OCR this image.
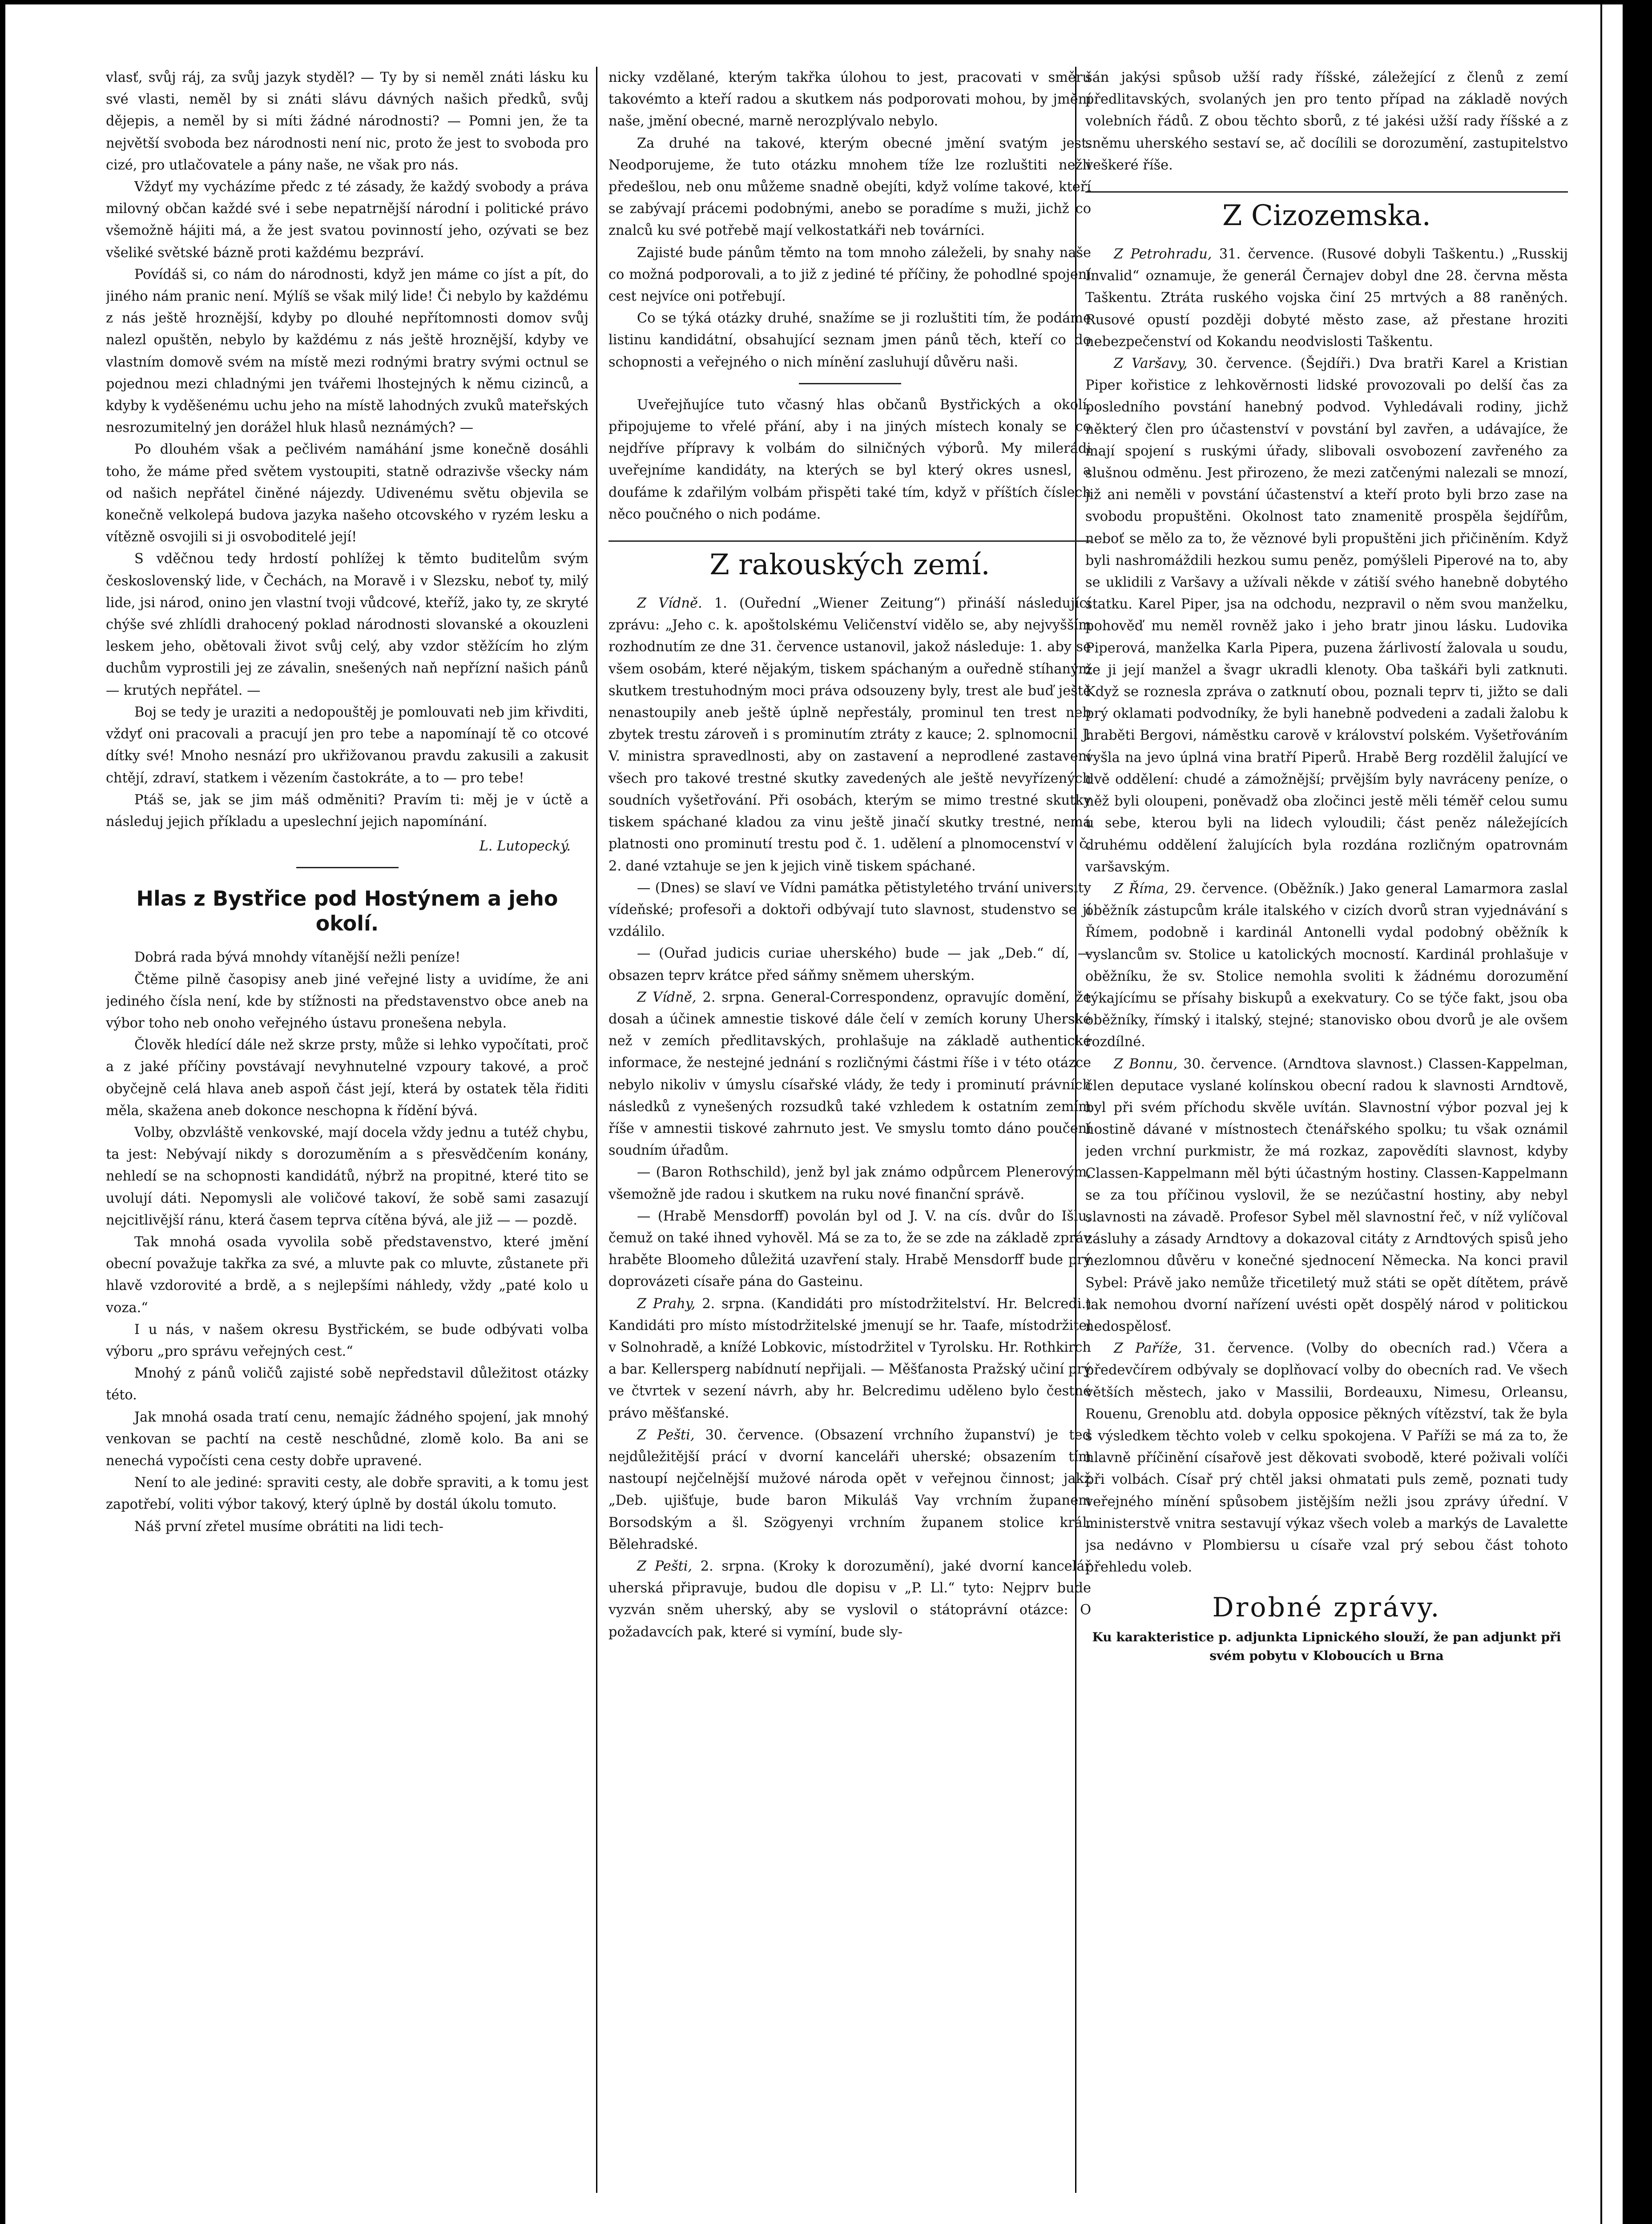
vlasť, svůj ráj, za svůj jazyk styděl? — Ty by si neměl znáti lásku ku své vlasti, neměl by si znáti slávu dávných našich předků, svůj dějepis, a neměl by si míti žádné národnosti? — Pomni jen, že ta největší svoboda bez národnosti není nic, proto že jest to svoboda pro cizé, pro utlačovatele a pány naše, ne však pro nás.

Vždyť my vycházíme předc z té zásady, že každý svobody a práva milovný občan každé své i sebe nepatrnější národní i politické právo všemožně hájiti má, a že jest svatou povinností jeho, ozývati se bez všeliké světské bázně proti každému bezpráví.

Povídáš si, co nám do národnosti, když jen máme co jíst a pít, do jiného nám pranic není. Mýlíš se však milý lide! Či nebylo by každému z nás ještě hroznější, kdyby po dlouhé nepřítomnosti domov svůj nalezl opuštěn, nebylo by každému z nás ještě hroznější, kdyby ve vlastním domově svém na místě mezi rodnými bratry svými octnul se pojednou mezi chladnými jen tvářemi lhostejných k němu cizinců, a kdyby k vyděšenému uchu jeho na místě lahodných zvuků mateřských nesrozumitelný jen dorážel hluk hlasů neznámých? —

Po dlouhém však a pečlivém namáhání jsme konečně dosáhli toho, že máme před světem vystoupiti, statně odrazivše všecky nám od našich nepřátel činěné nájezdy. Udivenému světu objevila se konečně velkolepá budova jazyka našeho otcovského v ryzém lesku a vítězně osvojili si ji osvoboditelé její!

S vděčnou tedy hrdostí pohlížej k těmto buditelům svým československý lide, v Čechách, na Moravě i v Slezsku, neboť ty, milý lide, jsi národ, onino jen vlastní tvoji vůdcové, kteříž, jako ty, ze skryté chýše své zhlídli drahocený poklad národnosti slovanské a okouzleni leskem jeho, obětovali život svůj celý, aby vzdor stěžícím ho zlým duchům vyprostili jej ze závalin, snešených naň nepřízní našich pánů — krutých nepřátel. —

Boj se tedy je uraziti a nedopouštěj je pomlouvati neb jim křivditi, vždyť oni pracovali a pracují jen pro tebe a napomínají tě co otcové dítky své! Mnoho nesnází pro ukřižovanou pravdu zakusili a zakusit chtějí, zdraví, statkem i vězením častokráte, a to — pro tebe!

Ptáš se, jak se jim máš odměniti? Pravím ti: měj je v úctě a následuj jejich příkladu a upeslechní jejich napomínání.

L. Lutopecký.
Hlas z Bystřice pod Hostýnem a jeho okolí.

Dobrá rada bývá mnohdy vítanější nežli peníze!

Čtěme pilně časopisy aneb jiné veřejné listy a uvidíme, že ani jediného čísla není, kde by stížnosti na představenstvo obce aneb na výbor toho neb onoho veřejného ústavu pronešena nebyla.

Člověk hledící dále než skrze prsty, může si lehko vypočítati, proč a z jaké příčiny povstávají nevyhnutelné vzpoury takové, a proč obyčejně celá hlava aneb aspoň část její, která by ostatek těla řiditi měla, skažena aneb dokonce neschopna k řídění bývá.

Volby, obzvláště venkovské, mají docela vždy jednu a tutéž chybu, ta jest: Nebývají nikdy s dorozuměním a s přesvědčením konány, nehledí se na schopnosti kandidátů, nýbrž na propitné, které tito se uvolují dáti. Nepomysli ale voličové takoví, že sobě sami zasazují nejcitlivější ránu, která časem teprva cítěna bývá, ale již — — pozdě.

Tak mnohá osada vyvolila sobě představenstvo, které jmění obecní považuje takřka za své, a mluvte pak co mluvte, zůstanete při hlavě vzdorovité a brdě, a s nejlepšími náhledy, vždy „paté kolo u voza.“

I u nás, v našem okresu Bystřickém, se bude odbývati volba výboru „pro správu veřejných cest.“

Mnohý z pánů voličů zajisté sobě nepředstavil důležitost otázky této.

Jak mnohá osada tratí cenu, nemajíc žádného spojení, jak mnohý venkovan se pachtí na cestě neschůdné, zlomě kolo. Ba ani se nenechá vypočísti cena cesty dobře upravené.

Není to ale jediné: spraviti cesty, ale dobře spraviti, a k tomu jest zapotřebí, voliti výbor takový, který úplně by dostál úkolu tomuto.

Náš první zřetel musíme obrátiti na lidi tech-

nicky vzdělané, kterým takřka úlohou to jest, pracovati v směru takovémto a kteří radou a skutkem nás podporovati mohou, by jmění naše, jmění obecné, marně nerozplývalo nebylo.

Za druhé na takové, kterým obecné jmění svatým jest. Neodporujeme, že tuto otázku mnohem tíže lze rozluštiti nežli předešlou, neb onu můžeme snadně obejíti, když volíme takové, kteří se zabývají prácemi podobnými, anebo se poradíme s muži, jichž co znalců ku své potřebě mají velkostatkáři neb továrníci.

Zajisté bude pánům těmto na tom mnoho záleželi, by snahy naše co možná podporovali, a to již z jediné té příčiny, že pohodlné spojení cest nejvíce oni potřebují.

Co se týká otázky druhé, snažíme se ji rozluštiti tím, že podáme listinu kandidátní, obsahující seznam jmen pánů těch, kteří co do schopnosti a veřejného o nich mínění zasluhují důvěru naši.

Uveřejňujíce tuto včasný hlas občanů Bystřických a okolí, připojujeme to vřelé přání, aby i na jiných místech konaly se co nejdříve přípravy k volbám do silničných výborů. My milerádi uveřejníme kandidáty, na kterých se byl který okres usnesl, a doufáme k zdařilým volbám přispěti také tím, když v příštích číslech něco poučného o nich podáme.

Z rakouských zemí.

Z Vídně. 1. (Ouřední „Wiener Zeitung“) přináší následující zprávu: „Jeho c. k. apoštolskému Veličenství vidělo se, aby nejvyšším rozhodnutím ze dne 31. července ustanovil, jakož následuje: 1. aby se všem osobám, které nějakým, tiskem spáchaným a ouředně stíhaným skutkem trestuhodným moci práva odsouzeny byly, trest ale buď ještě nenastoupily aneb ještě úplně nepřestály, prominul ten trest neb zbytek trestu zároveň i s prominutím ztráty z kauce; 2. splnomocnil J. V. ministra spravedlnosti, aby on zastavení a neprodlené zastavení všech pro takové trestné skutky zavedených ale ještě nevyřízených soudních vyšetřování. Při osobách, kterým se mimo trestné skutky tiskem spáchané kladou za vinu ještě jinačí skutky trestné, nemá platnosti ono prominutí trestu pod č. 1. udělení a plnomocenství v č. 2. dané vztahuje se jen k jejich vině tiskem spáchané.

— (Dnes) se slaví ve Vídni památka pětistyletého trvání university vídeňské; profesoři a doktoři odbývají tuto slavnost, studenstvo se jí vzdálilo.

— (Ouřad judicis curiae uherského) bude — jak „Deb.“ dí, — obsazen teprv krátce před sáňmy sněmem uherským.

Z Vídně, 2. srpna. General-Correspondenz, opravujíc domění, že dosah a účinek amnestie tiskové dále čelí v zemích koruny Uherské než v zemích předlitavských, prohlašuje na základě authentické informace, že nestejné jednání s rozličnými částmi říše i v této otázce nebylo nikoliv v úmyslu císařské vlády, že tedy i prominutí právních následků z vynešených rozsudků také vzhledem k ostatním zemím říše v amnestii tiskové zahrnuto jest. Ve smyslu tomto dáno poučení soudním úřadům.

— (Baron Rothschild), jenž byl jak známo odpůrcem Plenerovým, všemožně jde radou i skutkem na ruku nové finanční správě.

— (Hrabě Mensdorff) povolán byl od J. V. na cís. dvůr do Išlu, čemuž on také ihned vyhověl. Má se za to, že se zde na základě zpráv hraběte Bloomeho důležitá uzavření staly. Hrabě Mensdorff bude prý doprovázeti císaře pána do Gasteinu.

Z Prahy, 2. srpna. (Kandidáti pro místodržitelství. Hr. Belcredi.) Kandidáti pro místo místodržitelské jmenují se hr. Taafe, místodržitel v Solnohradě, a knížé Lobkovic, místodržitel v Tyrolsku. Hr. Rothkirch a bar. Kellersperg nabídnutí nepřijali. — Měšťanosta Pražský učiní prý ve čtvrtek v sezení návrh, aby hr. Belcredimu uděleno bylo čestné právo měšťanské.

Z Pešti, 30. července. (Obsazení vrchního županství) je teď nejdůležitější prácí v dvorní kanceláři uherské; obsazením tím nastoupí nejčelnější mužové národa opět v veřejnou činnost; jakž „Deb. ujišťuje, bude baron Mikuláš Vay vrchním županem Borsodským a šl. Szögyenyi vrchním županem stolice král. Bělehradské.

Z Pešti, 2. srpna. (Kroky k dorozumění), jaké dvorní kancelář uherská připravuje, budou dle dopisu v „P. Ll.“ tyto: Nejprv bude vyzván sněm uherský, aby se vyslovil o státoprávní otázce: O požadavcích pak, které si vymíní, bude sly-

šán jakýsi spůsob užší rady říšské, záležející z členů z zemí předlitavských, svolaných jen pro tento případ na základě nových volebních řádů. Z obou těchto sborů, z té jakési užší rady říšské a z sněmu uherského sestaví se, ač docílili se dorozumění, zastupitelstvo veškeré říše.

Z Cizozemska.

Z Petrohradu, 31. července. (Rusové dobyli Taškentu.) „Russkij Invalid“ oznamuje, že generál Černajev dobyl dne 28. června města Taškentu. Ztráta ruského vojska činí 25 mrtvých a 88 raněných. Rusové opustí později dobyté město zase, až přestane hroziti nebezpečenství od Kokandu neodvislosti Taškentu.

Z Varšavy, 30. července. (Šejdíři.) Dva bratři Karel a Kristian Piper kořistice z lehkověrnosti lidské provozovali po delší čas za posledního povstání hanebný podvod. Vyhledávali rodiny, jichž některý člen pro účastenství v povstání byl zavřen, a udávajíce, že mají spojení s ruskými úřady, slibovali osvobození zavřeného za slušnou odměnu. Jest přirozeno, že mezi zatčenými nalezali se mnozí, již ani neměli v povstání účastenství a kteří proto byli brzo zase na svobodu propuštěni. Okolnost tato znamenitě prospěla šejdířům, neboť se mělo za to, že věznové byli propuštěni jich přičiněním. Když byli nashromáždili hezkou sumu peněz, pomýšleli Piperové na to, aby se uklidili z Varšavy a užívali někde v zátiší svého hanebně dobytého statku. Karel Piper, jsa na odchodu, nezpravil o něm svou manželku, pohověď mu neměl rovněž jako i jeho bratr jinou lásku. Ludovika Piperová, manželka Karla Pipera, puzena žárlivostí žalovala u soudu, že ji její manžel a švagr ukradli klenoty. Oba taškáři byli zatknuti. Když se roznesla zpráva o zatknutí obou, poznali teprv ti, jižto se dali prý oklamati podvodníky, že byli hanebně podvedeni a zadali žalobu k hraběti Bergovi, náměstku carově v království polském. Vyšetřováním vyšla na jevo úplná vina bratří Piperů. Hrabě Berg rozdělil žalující ve dvě oddělení: chudé a zámožnější; prvějším byly navráceny peníze, o něž byli oloupeni, poněvadž oba zločinci jestě měli téměř celou sumu u sebe, kterou byli na lidech vyloudili; část peněz náležejících druhému oddělení žalujících byla rozdána rozličným opatrovnám varšavským.

Z Říma, 29. července. (Oběžník.) Jako general Lamarmora zaslal oběžník zástupcům krále italského v cizích dvorů stran vyjednávání s Římem, podobně i kardinál Antonelli vydal podobný oběžník k vyslancům sv. Stolice u katolických mocností. Kardinál prohlašuje v oběžníku, že sv. Stolice nemohla svoliti k žádnému dorozumění týkajícímu se přísahy biskupů a exekvatury. Co se týče fakt, jsou oba oběžníky, římský i italský, stejné; stanovisko obou dvorů je ale ovšem rozdílné.

Z Bonnu, 30. července. (Arndtova slavnost.) Classen-Kappelman, člen deputace vyslané kolínskou obecní radou k slavnosti Arndtově, byl při svém příchodu skvěle uvítán. Slavnostní výbor pozval jej k hostině dávané v místnostech čtenářského spolku; tu však oznámil jeden vrchní purkmistr, že má rozkaz, zapovědíti slavnost, kdyby Classen-Kappelmann měl býti účastným hostiny. Classen-Kappelmann se za tou příčinou vyslovil, že se nezúčastní hostiny, aby nebyl slavnosti na závadě. Profesor Sybel měl slavnostní řeč, v níž vylíčoval zásluhy a zásady Arndtovy a dokazoval citáty z Arndtových spisů jeho nezlomnou důvěru v konečné sjednocení Německa. Na konci pravil Sybel: Právě jako nemůže třicetiletý muž státi se opět dítětem, právě tak nemohou dvorní nařízení uvésti opět dospělý národ v politickou nedospělosť.

Z Paříže, 31. července. (Volby do obecních rad.) Včera a předevčírem odbývaly se doplňovací volby do obecních rad. Ve všech větších městech, jako v Massilii, Bordeauxu, Nimesu, Orleansu, Rouenu, Grenoblu atd. dobyla opposice pěkných vítězství, tak že byla s výsledkem těchto voleb v celku spokojena. V Paříži se má za to, že hlavně příčinění císařově jest děkovati svobodě, které poživali volíči při volbách. Císař prý chtěl jaksi ohmatati puls země, poznati tudy veřejného mínění spůsobem jistějším nežli jsou zprávy úřední. V ministerstvě vnitra sestavují výkaz všech voleb a markýs de Lavalette jsa nedávno v Plombiersu u císaře vzal prý sebou část tohoto přehledu voleb.

Drobné zprávy.
Ku karakteristice p. adjunkta Lipnického slouží, že pan adjunkt při svém pobytu v Kloboucích u Brna
